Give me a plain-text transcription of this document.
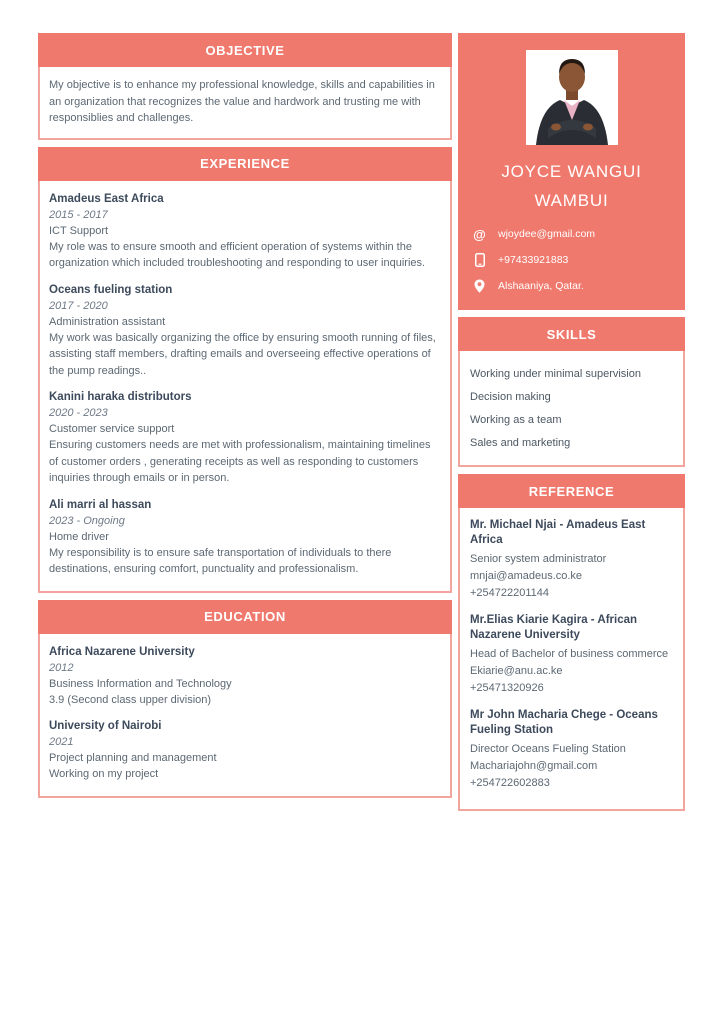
OBJECTIVE

My objective is to enhance my professional knowledge, skills and capabilities in an organization that recognizes the value and hardwork and trusting me with responsiblies and challenges.

EXPERIENCE
Amadeus East Africa
2015 - 2017
ICT Support
My role was to ensure smooth and efficient operation of systems within the organization which included troubleshooting and responding to user inquiries.
Oceans fueling station
2017 - 2020
Administration assistant
My work was basically organizing the office by ensuring smooth running of files, assisting staff members, drafting emails and overseeing effective operations of the pump readings..
Kanini haraka distributors
2020 - 2023
Customer service support
Ensuring customers needs are met with professionalism, maintaining timelines of customer orders , generating receipts as well as responding to customers inquiries through emails or in person.
Ali marri al hassan
2023 - Ongoing
Home driver
My responsibility is to ensure safe transportation of individuals to there destinations, ensuring comfort, punctuality and professionalism.
EDUCATION
Africa Nazarene University
2012
Business Information and Technology
3.9 (Second class upper division)
University of Nairobi
2021
Project planning and management
Working on my project
JOYCE WANGUI
WAMBUI
@ wjoydee@gmail.com
+97433921883
Alshaaniya, Qatar.
SKILLS
Working under minimal supervision
Decision making
Working as a team
Sales and marketing
REFERENCE
Mr. Michael Njai - Amadeus East Africa
Senior system administrator
mnjai@amadeus.co.ke
+254722201144
Mr.Elias Kiarie Kagira - African Nazarene University
Head of Bachelor of business commerce
Ekiarie@anu.ac.ke
+25471320926
Mr John Macharia Chege - Oceans Fueling Station
Director Oceans Fueling Station
Machariajohn@gmail.com
+254722602883
